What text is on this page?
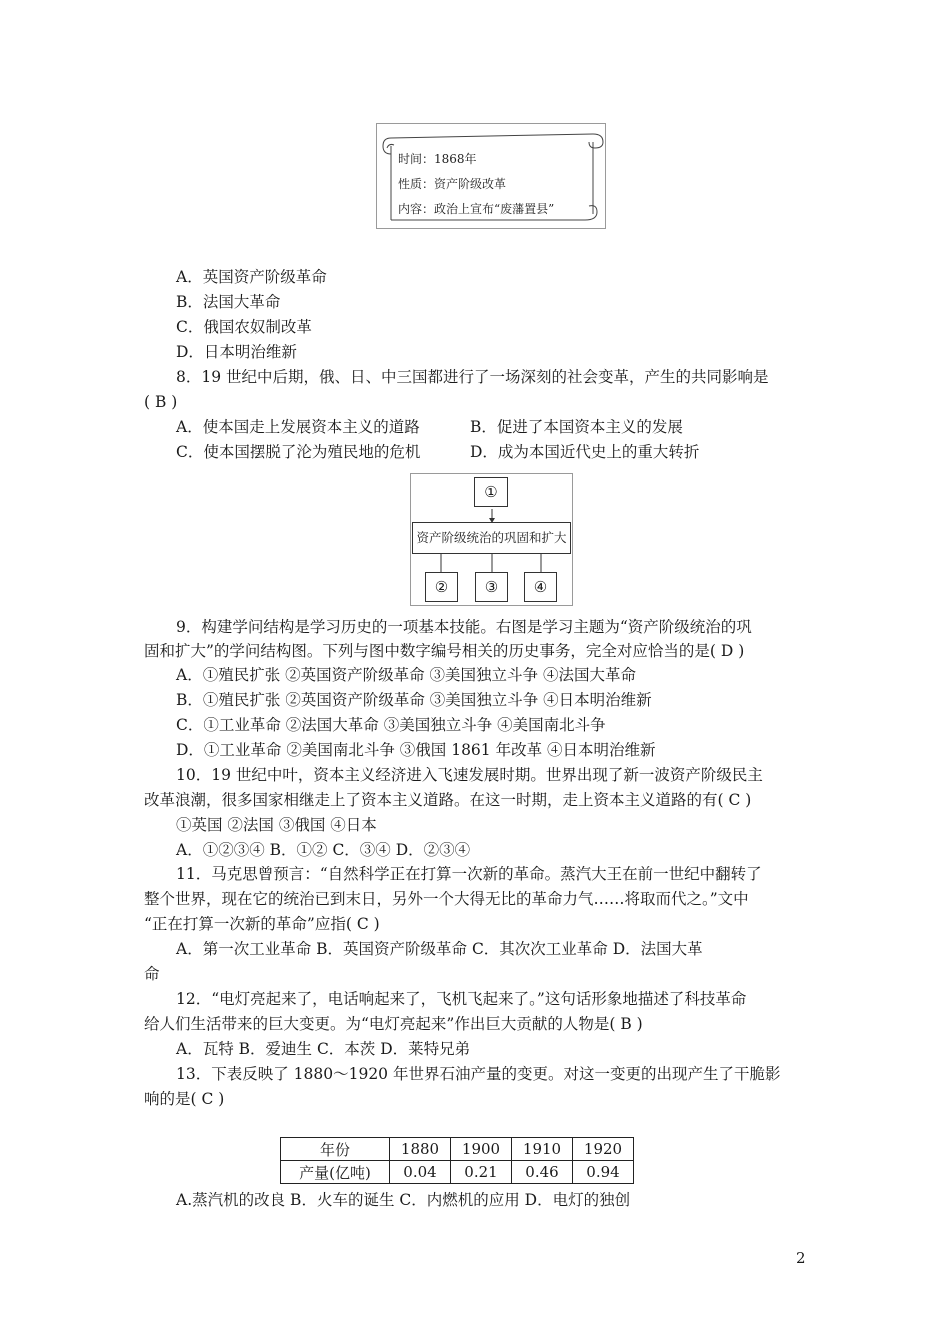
时间：1868年
性质：资产阶级改革
内容：政治上宣布“废藩置县”
A．英国资产阶级革命
B．法国大革命
C．俄国农奴制改革
D．日本明治维新
8．19 世纪中后期，俄、日、中三国都进行了一场深刻的社会变革，产生的共同影响是
( B )
A．使本国走上发展资本主义的道路	B．促进了本国资本主义的发展
C．使本国摆脱了沦为殖民地的危机	D．成为本国近代史上的重大转折
①
资产阶级统治的巩固和扩大
②	③	④
9．构建学问结构是学习历史的一项基本技能。右图是学习主题为“资产阶级统治的巩
固和扩大”的学问结构图。下列与图中数字编号相关的历史事务，完全对应恰当的是( D )
A．①殖民扩张 ②英国资产阶级革命 ③美国独立斗争 ④法国大革命
B．①殖民扩张 ②英国资产阶级革命 ③美国独立斗争 ④日本明治维新
C．①工业革命 ②法国大革命 ③美国独立斗争 ④美国南北斗争
D．①工业革命 ②美国南北斗争 ③俄国 1861 年改革 ④日本明治维新
10．19 世纪中叶，资本主义经济进入飞速发展时期。世界出现了新一波资产阶级民主
改革浪潮，很多国家相继走上了资本主义道路。在这一时期，走上资本主义道路的有( C )
①英国 ②法国 ③俄国 ④日本
A．①②③④ B．①② C．③④ D．②③④
11．马克思曾预言：“自然科学正在打算一次新的革命。蒸汽大王在前一世纪中翻转了
整个世界，现在它的统治已到末日，另外一个大得无比的革命力气……将取而代之。”文中
“正在打算一次新的革命”应指( C )
A．第一次工业革命 B．英国资产阶级革命 C．其次次工业革命 D．法国大革
命
12．“电灯亮起来了，电话响起来了，飞机飞起来了。”这句话形象地描述了科技革命
给人们生活带来的巨大变更。为“电灯亮起来”作出巨大贡献的人物是( B )
A．瓦特 B．爱迪生 C．本茨 D．莱特兄弟
13．下表反映了 1880～1920 年世界石油产量的变更。对这一变更的出现产生了干脆影
响的是( C )
年份	1880	1900	1910	1920
产量(亿吨)	0.04	0.21	0.46	0.94
A.蒸汽机的改良 B．火车的诞生 C．内燃机的应用 D．电灯的独创
2
